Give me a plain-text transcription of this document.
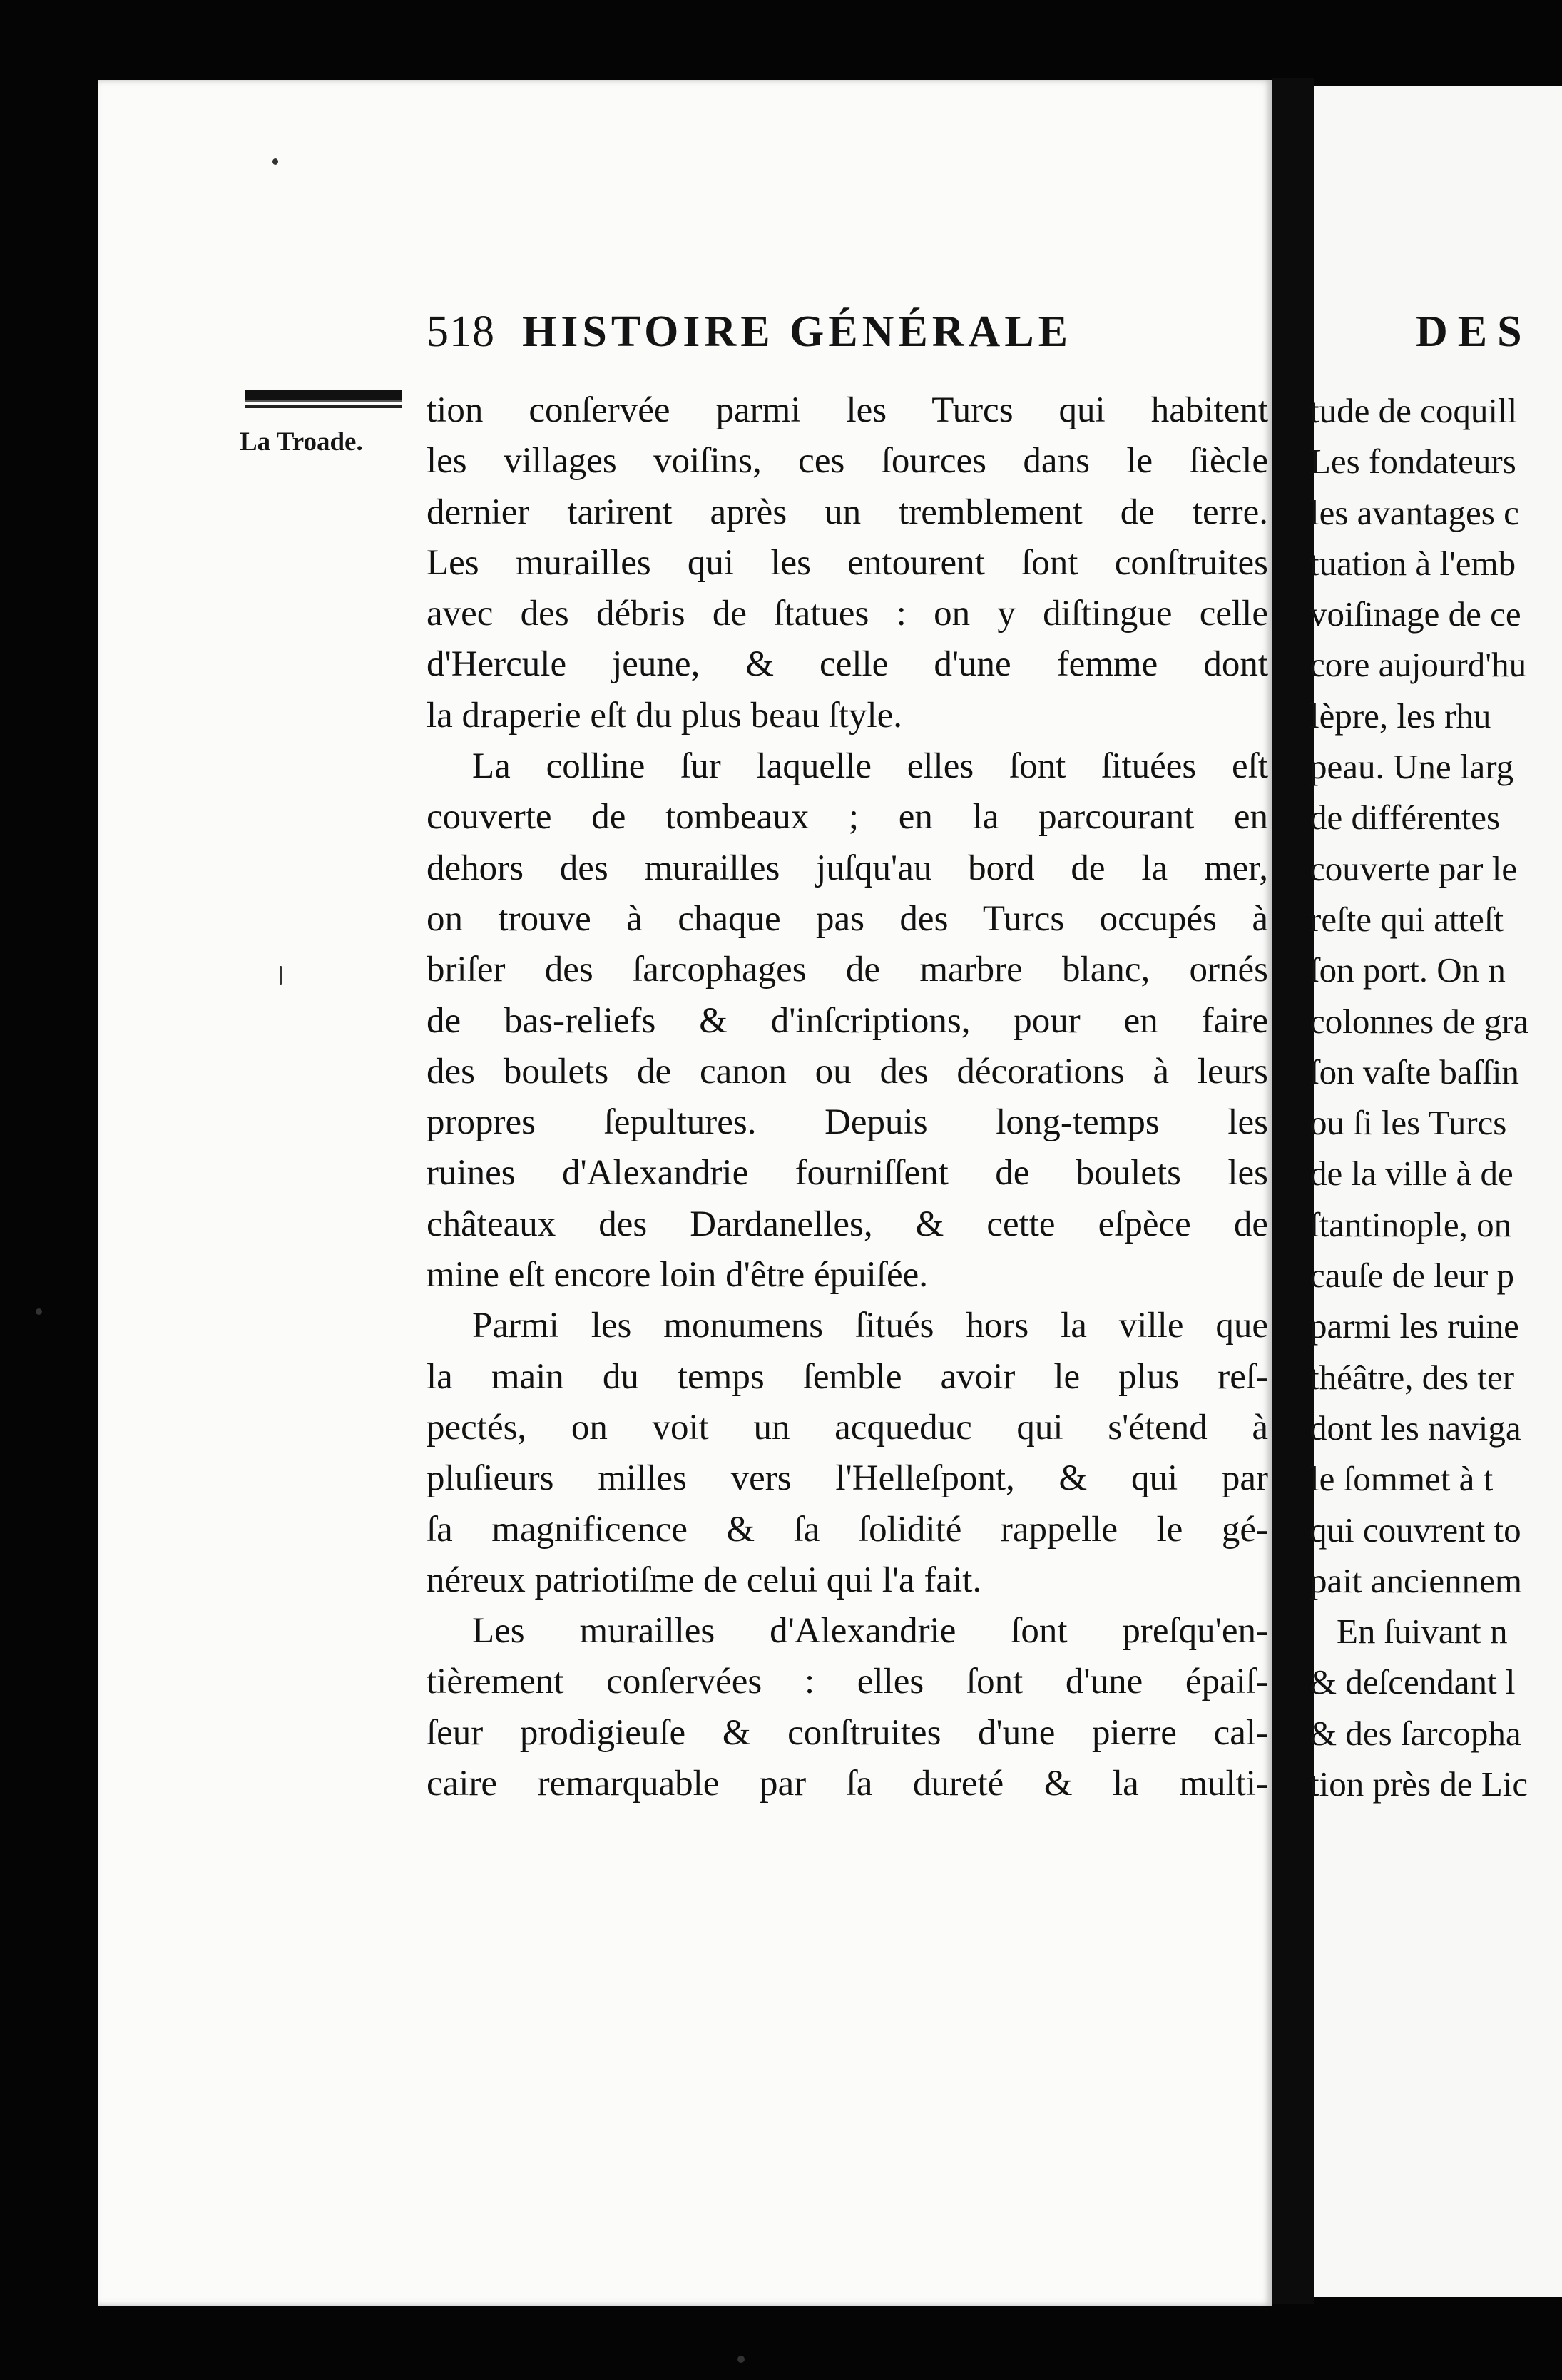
518 HISTOIRE GÉNÉRALE	DES
La Troade.
tion conſervée parmi les Turcs qui habitent
les villages voiſins, ces ſources dans le ſiècle
dernier tarirent après un tremblement de terre.
Les murailles qui les entourent ſont conſtruites
avec des débris de ſtatues : on y diſtingue celle
d'Hercule jeune, & celle d'une femme dont
la draperie eſt du plus beau ſtyle.
La colline ſur laquelle elles ſont ſituées eſt
couverte de tombeaux ; en la parcourant en
dehors des murailles juſqu'au bord de la mer,
on trouve à chaque pas des Turcs occupés à
briſer des ſarcophages de marbre blanc, ornés
de bas-reliefs & d'inſcriptions, pour en faire
des boulets de canon ou des décorations à leurs
propres ſepultures. Depuis long-temps les
ruines d'Alexandrie fourniſſent de boulets les
châteaux des Dardanelles, & cette eſpèce de
mine eſt encore loin d'être épuiſée.
Parmi les monumens ſitués hors la ville que
la main du temps ſemble avoir le plus reſ-
pectés, on voit un acqueduc qui s'étend à
pluſieurs milles vers l'Helleſpont, & qui par
ſa magnificence & ſa ſolidité rappelle le gé-
néreux patriotiſme de celui qui l'a fait.
Les murailles d'Alexandrie ſont preſqu'en-
tièrement conſervées : elles ſont d'une épaiſ-
ſeur prodigieuſe & conſtruites d'une pierre cal-
caire remarquable par ſa dureté & la multi-
tude de coquill
Les fondateurs
les avantages c
tuation à l'emb
voiſinage de ce
core aujourd'hu
lèpre, les rhu
peau. Une larg
de différentes
couverte par le
reſte qui atteſt
ſon port. On n
colonnes de gra
ſon vaſte baſſin
ou ſi les Turcs
de la ville à de
ſtantinople, on
cauſe de leur p
parmi les ruine
théâtre, des ter
dont les naviga
le ſommet à t
qui couvrent to
pait anciennem
En ſuivant n
& deſcendant l
& des ſarcopha
tion près de Lic
